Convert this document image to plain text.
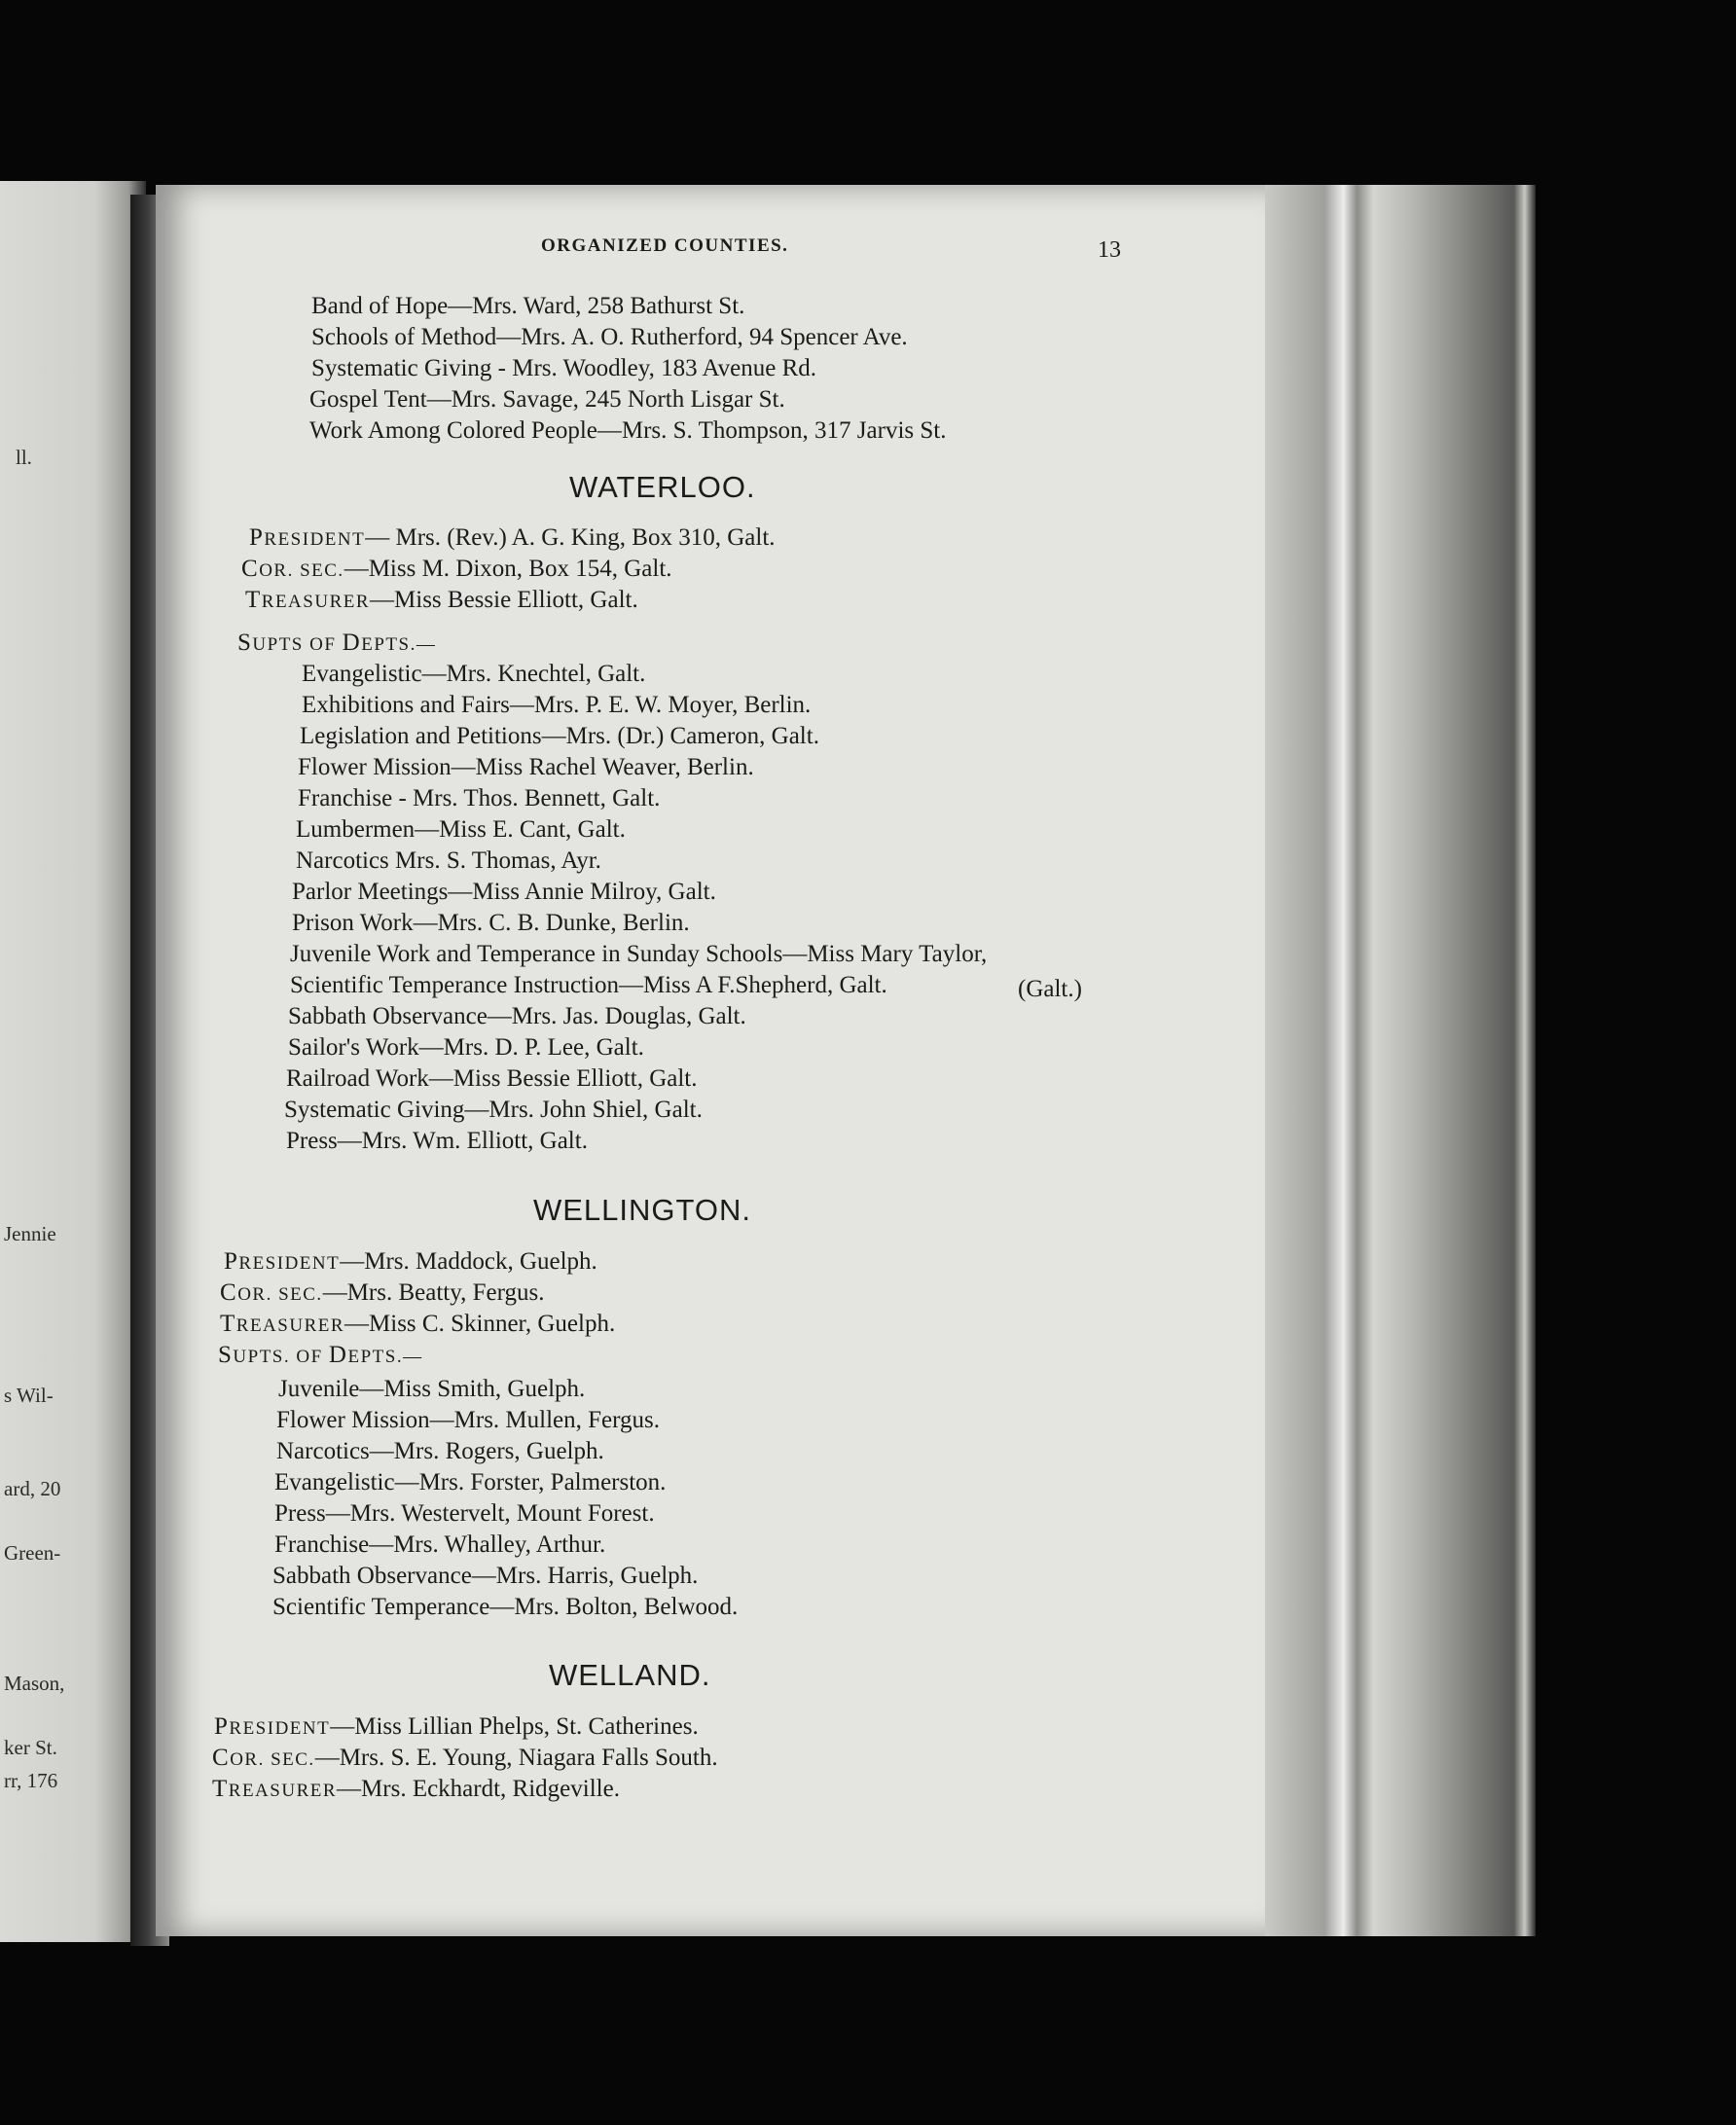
ll.
Jennie
s Wil-
ard, 20
Green-
Mason,
ker St.
rr, 176
ORGANIZED COUNTIES.	13
Band of Hope—Mrs. Ward, 258 Bathurst St.
Schools of Method—Mrs. A. O. Rutherford, 94 Spencer Ave.
Systematic Giving - Mrs. Woodley, 183 Avenue Rd.
Gospel Tent—Mrs. Savage, 245 North Lisgar St.
Work Among Colored People—Mrs. S. Thompson, 317 Jarvis St.
WATERLOO.
PRESIDENT— Mrs. (Rev.) A. G. King, Box 310, Galt.
COR. SEC.—Miss M. Dixon, Box 154, Galt.
TREASURER—Miss Bessie Elliott, Galt.
SUPTS OF DEPTS.—
Evangelistic—Mrs. Knechtel, Galt.
Exhibitions and Fairs—Mrs. P. E. W. Moyer, Berlin.
Legislation and Petitions—Mrs. (Dr.) Cameron, Galt.
Flower Mission—Miss Rachel Weaver, Berlin.
Franchise - Mrs. Thos. Bennett, Galt.
Lumbermen—Miss E. Cant, Galt.
Narcotics Mrs. S. Thomas, Ayr.
Parlor Meetings—Miss Annie Milroy, Galt.
Prison Work—Mrs. C. B. Dunke, Berlin.
Juvenile Work and Temperance in Sunday Schools—Miss Mary Taylor,
Scientific Temperance Instruction—Miss A F.Shepherd, Galt.	(Galt.)
Sabbath Observance—Mrs. Jas. Douglas, Galt.
Sailor's Work—Mrs. D. P. Lee, Galt.
Railroad Work—Miss Bessie Elliott, Galt.
Systematic Giving—Mrs. John Shiel, Galt.
Press—Mrs. Wm. Elliott, Galt.
WELLINGTON.
PRESIDENT—Mrs. Maddock, Guelph.
COR. SEC.—Mrs. Beatty, Fergus.
TREASURER—Miss C. Skinner, Guelph.
SUPTS. OF DEPTS.—
Juvenile—Miss Smith, Guelph.
Flower Mission—Mrs. Mullen, Fergus.
Narcotics—Mrs. Rogers, Guelph.
Evangelistic—Mrs. Forster, Palmerston.
Press—Mrs. Westervelt, Mount Forest.
Franchise—Mrs. Whalley, Arthur.
Sabbath Observance—Mrs. Harris, Guelph.
Scientific Temperance—Mrs. Bolton, Belwood.
WELLAND.
PRESIDENT—Miss Lillian Phelps, St. Catherines.
COR. SEC.—Mrs. S. E. Young, Niagara Falls South.
TREASURER—Mrs. Eckhardt, Ridgeville.
